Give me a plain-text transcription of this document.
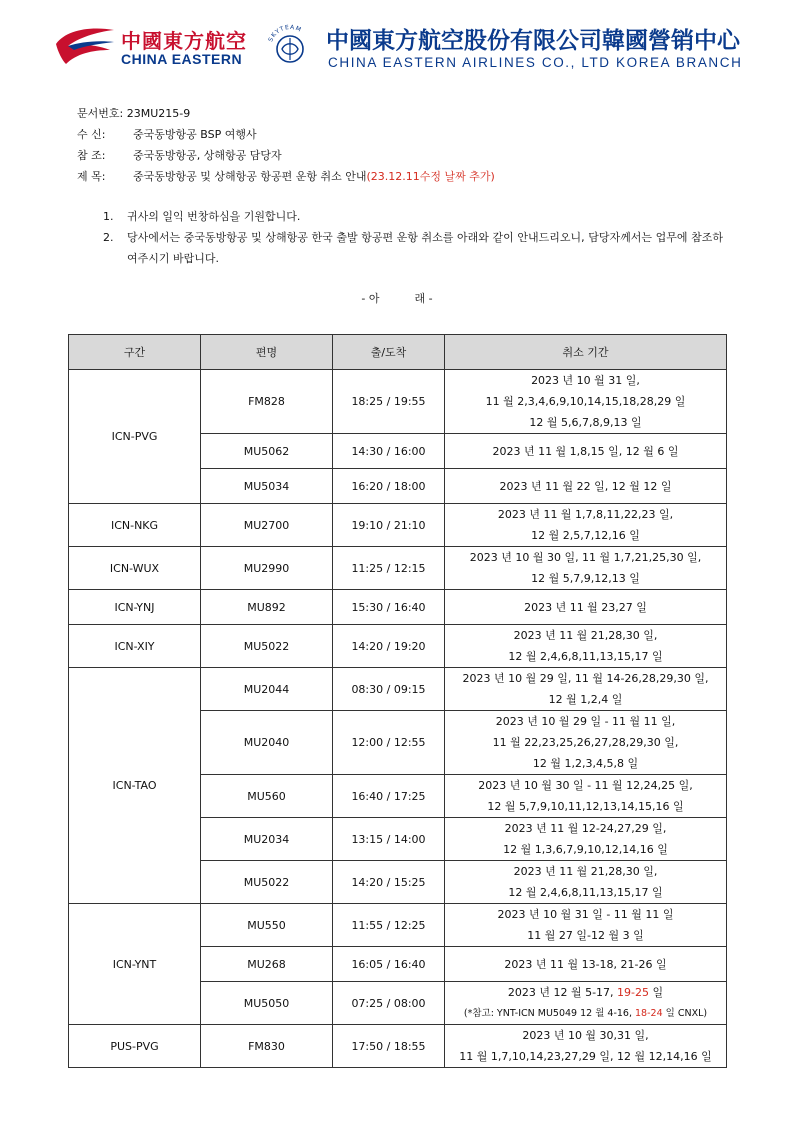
中國東方航空
CHINA EASTERN
SKYTEAM 中國東方航空股份有限公司韓國營销中心
CHINA EASTERN AIRLINES CO., LTD KOREA BRANCH
문서번호:
23MU215-9
수 신:	중국동방항공 BSP 여행사
참 조:	중국동방항공, 상해항공 담당자
제 목:	중국동방항공 및 상해항공 항공편 운항 취소 안내 (23.12.11수정 날짜 추가)
1.	귀사의 일익 번창하심을 기원합니다.
2.	당사에서는 중국동방항공 및 상해항공 한국 출발 항공편 운항 취소를 아래와 같이 안내드리오니, 담당자께서는 업무에 참조하여주시기 바랍니다.
- 아          래 -
구간	편명	출/도착	취소 기간
ICN-PVG	FM828	18:25 / 19:55	2023 년 10 월 31 일,
11 월 2,3,4,6,9,10,14,15,18,28,29 일
12 월 5,6,7,8,9,13 일

	MU5062	14:30 / 16:00	2023 년 11 월 1,8,15 일, 12 월 6 일

	MU5034	16:20 / 18:00	2023 년 11 월 22 일, 12 월 12 일

ICN-NKG	MU2700	19:10 / 21:10	2023 년 11 월 1,7,8,11,22,23 일,
12 월 2,5,7,12,16 일

ICN-WUX	MU2990	11:25 / 12:15	2023 년 10 월 30 일, 11 월 1,7,21,25,30 일,
12 월 5,7,9,12,13 일

ICN-YNJ	MU892	15:30 / 16:40	2023 년 11 월 23,27 일

ICN-XIY	MU5022	14:20 / 19:20	2023 년 11 월 21,28,30 일,
12 월 2,4,6,8,11,13,15,17 일

ICN-TAO	MU2044	08:30 / 09:15	2023 년 10 월 29 일, 11 월 14-26,28,29,30 일,
12 월 1,2,4 일

	MU2040	12:00 / 12:55	2023 년 10 월 29 일 - 11 월 11 일,
11 월 22,23,25,26,27,28,29,30 일,
12 월 1,2,3,4,5,8 일

	MU560	16:40 / 17:25	2023 년 10 월 30 일 - 11 월 12,24,25 일,
12 월 5,7,9,10,11,12,13,14,15,16 일

	MU2034	13:15 / 14:00	2023 년 11 월 12-24,27,29 일,
12 월 1,3,6,7,9,10,12,14,16 일

	MU5022	14:20 / 15:25	2023 년 11 월 21,28,30 일,
12 월 2,4,6,8,11,13,15,17 일

ICN-YNT	MU550	11:55 / 12:25	2023 년 10 월 31 일 - 11 월 11 일
11 월 27 일-12 월 3 일

	MU268	16:05 / 16:40	2023 년 11 월 13-18, 21-26 일

	MU5050	07:25 / 08:00	2023 년 12 월 5-17, 19-25 일
(*참고: YNT-ICN MU5049 12 월 4-16, 18-24 일 CNXL)

PUS-PVG	FM830	17:50 / 18:55	2023 년 10 월 30,31 일,
11 월 1,7,10,14,23,27,29 일, 12 월 12,14,16 일
